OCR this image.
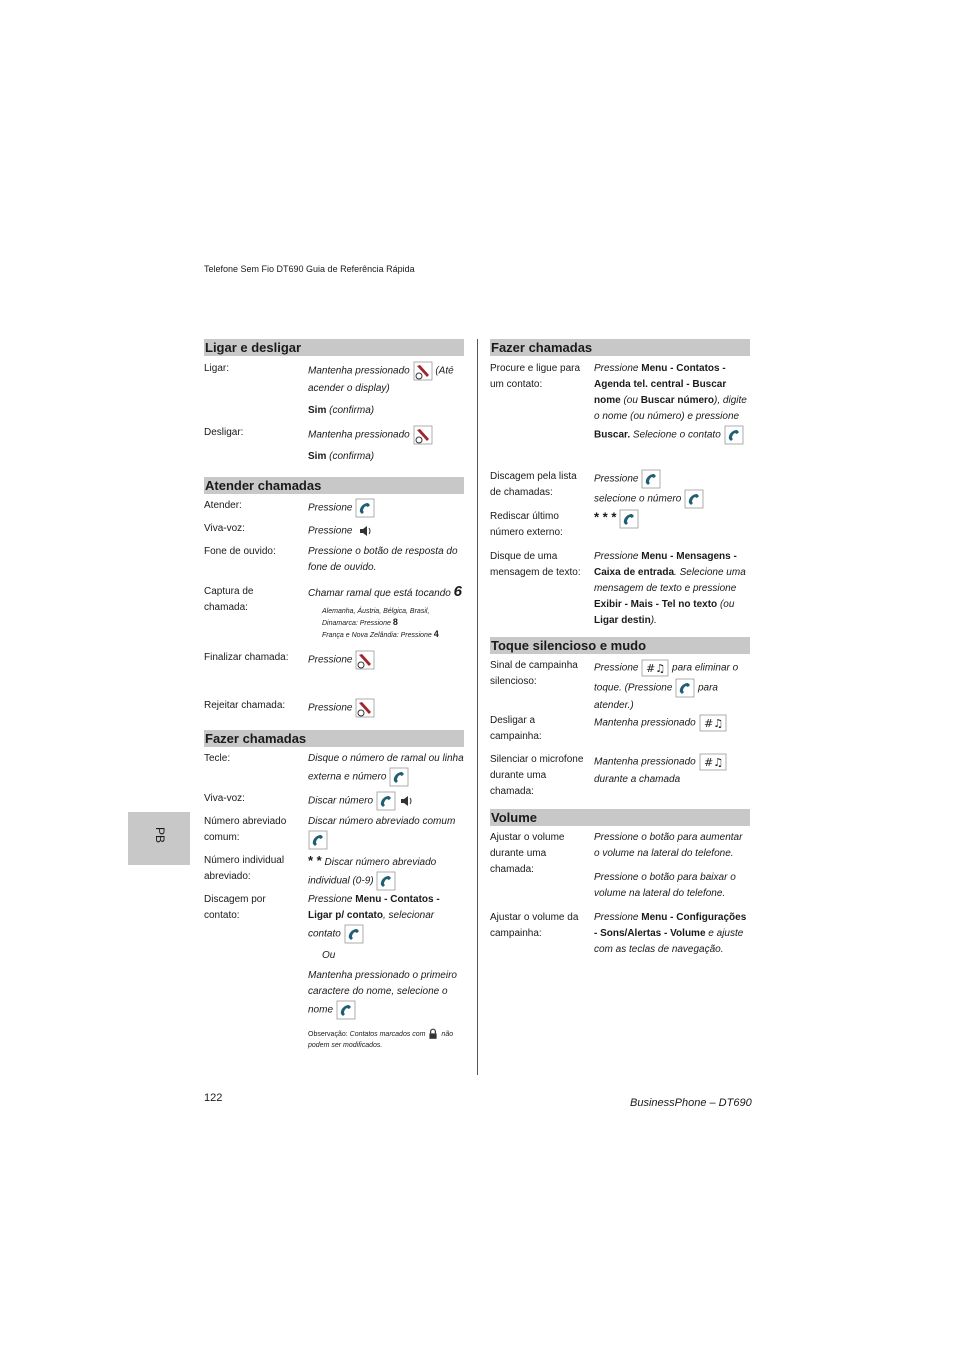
Telefone Sem Fio DT690 Guia de Referência Rápida
PB
Ligar e desligar
Ligar:	Mantenha pressionado	(Até acender o display)

Sim (confirma)
Desligar:	Mantenha pressionado
Sim (confirma)
Atender chamadas
Atender:	Pressione
Viva-voz:	Pressione
Fone de ouvido:	Pressione o botão de resposta do fone de ouvido.
Captura de chamada:
Chamar ramal que está tocando 6
Alemanha, Áustria, Bélgica, Brasil, Dinamarca: Pressione 8
França e Nova Zelândia: Pressione 4
Finalizar chamada:	Pressione
Rejeitar chamada:	Pressione
Fazer chamadas
Tecle:	Disque o número de ramal ou linha externa e número
Viva-voz:	Discar número
Número abreviado comum:
Discar número abreviado comum

Número individual abreviado:
* * Discar número abreviado individual (0-9)
Discagem por contato:
Pressione Menu - Contatos - Ligar p/ contato, selecionar contato
Ou
Mantenha pressionado o primeiro caractere do nome, selecione o nome
Observação: Contatos marcados com não podem ser modificados.
Fazer chamadas
Procure e ligue para um contato:
Pressione Menu - Contatos - Agenda tel. central - Buscar nome (ou Buscar número), digite o nome (ou número) e pressione Buscar. Selecione o contato
Discagem pela lista de chamadas:
Pressione

selecione o número
Rediscar último número externo:
* * *
Disque de uma mensagem de texto:
Pressione Menu - Mensagens - Caixa de entrada. Selecione uma mensagem de texto e pressione Exibir - Mais - Tel no texto (ou Ligar destin).
Toque silencioso e mudo
Sinal de campainha silencioso:
Pressione	para eliminar o toque. (Pressione	para atender.)
Desligar a campainha:
Mantenha pressionado
Silenciar o microfone durante uma chamada:
Mantenha pressionado
durante a chamada
Volume
Ajustar o volume durante uma chamada:
Pressione o botão para aumentar o volume na lateral do telefone.
Pressione o botão para baixar o volume na lateral do telefone.
Ajustar o volume da campainha:
Pressione Menu - Configurações - Sons/Alertas - Volume e ajuste com as teclas de navegação.
122	BusinessPhone – DT690
